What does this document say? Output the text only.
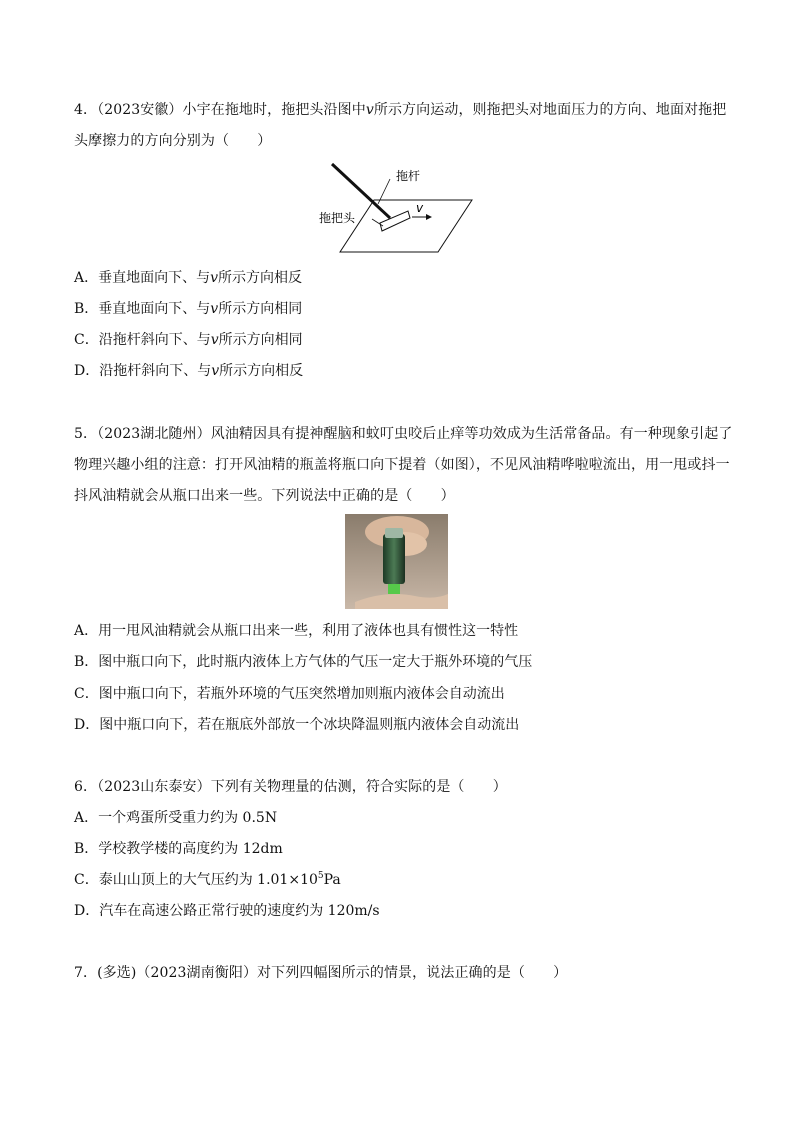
4．（2023安徽）小宇在拖地时，拖把头沿图中v所示方向运动，则拖把头对地面压力的方向、地面对拖把
头摩擦力的方向分别为（　　）
拖杆
拖把头
v
A．垂直地面向下、与v所示方向相反
B．垂直地面向下、与v所示方向相同
C．沿拖杆斜向下、与v所示方向相同
D．沿拖杆斜向下、与v所示方向相反
5．（2023湖北随州）风油精因具有提神醒脑和蚊叮虫咬后止痒等功效成为生活常备品。有一种现象引起了
物理兴趣小组的注意：打开风油精的瓶盖将瓶口向下提着（如图），不见风油精哗啦啦流出，用一甩或抖一
抖风油精就会从瓶口出来一些。下列说法中正确的是（　　）
A．用一甩风油精就会从瓶口出来一些，利用了液体也具有惯性这一特性
B．图中瓶口向下，此时瓶内液体上方气体的气压一定大于瓶外环境的气压
C．图中瓶口向下，若瓶外环境的气压突然增加则瓶内液体会自动流出
D．图中瓶口向下，若在瓶底外部放一个冰块降温则瓶内液体会自动流出
6．（2023山东泰安）下列有关物理量的估测，符合实际的是（　　）
A．一个鸡蛋所受重力约为 0.5N
B．学校教学楼的高度约为 12dm
C．泰山山顶上的大气压约为 $1.01\times 10^5Pa$
D．汽车在高速公路正常行驶的速度约为 120m/s
7．(多选)（2023湖南衡阳）对下列四幅图所示的情景，说法正确的是（　　）
